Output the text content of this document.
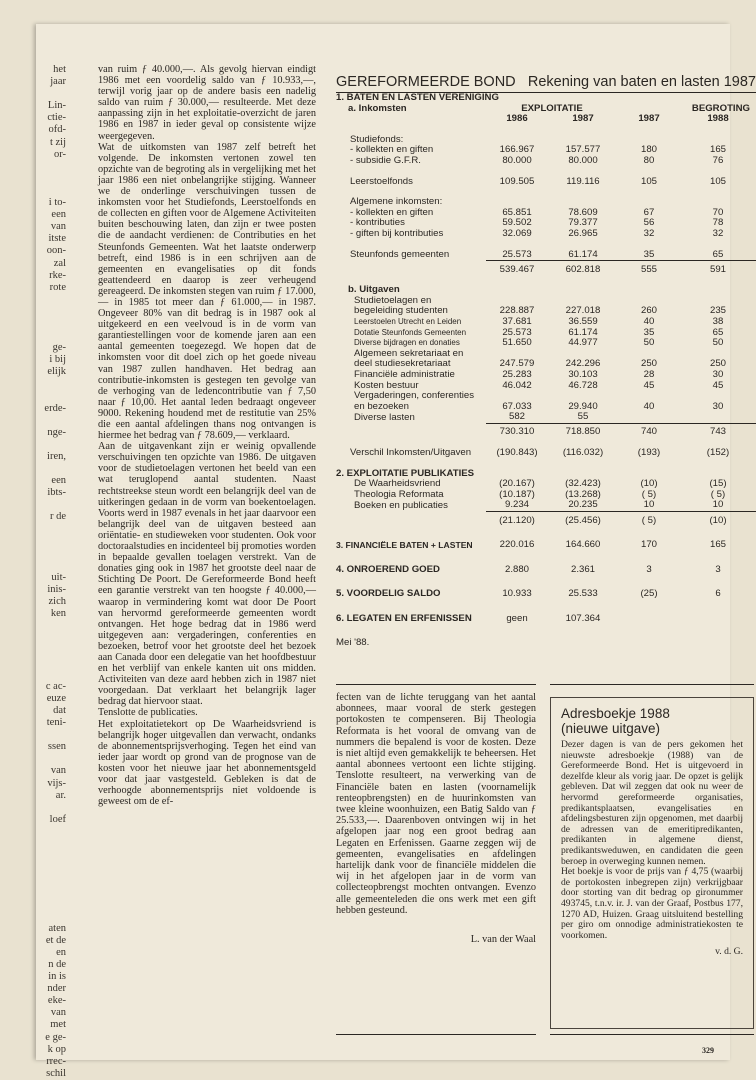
het
jaar
Lin-
ctie-
ofd-
t zij
or-
i to-
een
van
itste
oon-
zal
rke-
rote
ge-
i bij
elijk
erde-
nge-
iren,
een
ibts-
r de
uit-
inis-
zich
ken
c ac-
euze
dat
teni-
ssen
van
vijs-
ar.
loef
aten
et de
en
n de
in is
nder
eke-
van
met
e ge-
k op
rrec-
schil

van ruim ƒ 40.000,—. Als gevolg hiervan eindigt 1986 met een voordelig saldo van ƒ 10.933,—, terwijl vorig jaar op de andere basis een nadelig saldo van ruim ƒ 30.000,— resulteerde. Met deze aanpassing zijn in het exploitatie-overzicht de jaren 1986 en 1987 in ieder geval op consistente wijze weergegeven.

Wat de uitkomsten van 1987 zelf betreft het volgende. De inkomsten vertonen zowel ten opzichte van de begroting als in vergelijking met het jaar 1986 een niet onbelangrijke stijging. Wanneer we de onderlinge verschuivingen tussen de inkomsten voor het Studiefonds, Leerstoelfonds en de collecten en giften voor de Algemene Activiteiten buiten beschouwing laten, dan zijn er twee posten die de aandacht verdienen: de Contributies en het Steunfonds Gemeenten. Wat het laatste onderwerp betreft, eind 1986 is in een schrijven aan de gemeenten en evangelisaties op dit fonds geattendeerd en daarop is zeer verheugend gereageerd. De inkomsten stegen van ruim ƒ 17.000,— in 1985 tot meer dan ƒ 61.000,— in 1987. Ongeveer 80% van dit bedrag is in 1987 ook al uitgekeerd en een veelvoud is in de vorm van garantiestellingen voor de komende jaren aan een aantal gemeenten toegezegd. We hopen dat de inkomsten voor dit doel zich op het goede niveau van 1987 zullen handhaven. Het bedrag aan contributie-inkomsten is gestegen ten gevolge van de verhoging van de ledencontributie van ƒ 7,50 naar ƒ 10,00. Het aantal leden bedraagt ongeveer 9000. Rekening houdend met de restitutie van 25% die een aantal afdelingen thans nog ontvangen is hiermee het bedrag van ƒ 78.609,— verklaard.

Aan de uitgavenkant zijn er weinig opvallende verschuivingen ten opzichte van 1986. De uitgaven voor de studietoelagen vertonen het beeld van een wat teruglopend aantal studenten. Naast rechtstreekse steun wordt een belangrijk deel van de uitkeringen gedaan in de vorm van boekentoelagen. Voorts werd in 1987 evenals in het jaar daarvoor een belangrijk deel van de uitgaven besteed aan oriëntatie- en studieweken voor studenten. Ook voor doctoraalstudies en incidenteel bij promoties worden in bepaalde gevallen toelagen verstrekt. Van de donaties ging ook in 1987 het grootste deel naar de Stichting De Poort. De Gereformeerde Bond heeft een garantie verstrekt van ten hoogste ƒ 40.000,— waarop in vermindering komt wat door De Poort van hervormd gereformeerde gemeenten wordt ontvangen. Het hoge bedrag dat in 1986 werd uitgegeven aan: vergaderingen, conferenties en bezoeken, betrof voor het grootste deel het bezoek aan Canada door een delegatie van het hoofdbestuur en het verblijf van enkele kanten uit ons midden. Activiteiten van deze aard hebben zich in 1987 niet voorgedaan. Dat verklaart het belangrijk lager bedrag dat hiervoor staat.

Tenslotte de publicaties.

Het exploitatietekort op De Waarheidsvriend is belangrijk hoger uitgevallen dan verwacht, ondanks de abonnementsprijsverhoging. Tegen het eind van ieder jaar wordt op grond van de prognose van de kosten voor het nieuwe jaar het abonnementsgeld voor dat jaar vastgesteld. Gebleken is dat de verhoogde abonnementsprijs niet voldoende is geweest om de ef-

GEREFORMEERDE BOND Rekening van baten en lasten 1987
1. BATEN EN LASTEN VERENIGING				
a. Inkomsten	EXPLOITATIE		BEGROTING	
	1986	1987	1987	1988

Studiefonds:				
- kollekten en giften	166.967	157.577	180	165
- subsidie G.F.R.	80.000	80.000	80	76

Leerstoelfonds	109.505	119.116	105	105

Algemene inkomsten:				
- kollekten en giften	65.851	78.609	67	70
- kontributies	59.502	79.377	56	78
- giften bij kontributies	32.069	26.965	32	32

Steunfonds gemeenten	25.573	61.174	35	65

	539.467	602.818	555	591

b. Uitgaven				
Studietoelagen en				
begeleiding studenten	228.887	227.018	260	235
Leerstoelen Utrecht en Leiden	37.681	36.559	40	38
Dotatie Steunfonds Gemeenten	25.573	61.174	35	65
Diverse bijdragen en donaties	51.650	44.977	50	50
Algemeen sekretariaat en				
deel studiesekretariaat	247.579	242.296	250	250
Financiële administratie	25.283	30.103	28	30
Kosten bestuur	46.042	46.728	45	45
Vergaderingen, conferenties				
en bezoeken	67.033	29.940	40	30
Diverse lasten	582	55		

	730.310	718.850	740	743

Verschil Inkomsten/Uitgaven	(190.843)	(116.032)	(193)	(152)

2. EXPLOITATIE PUBLIKATIES				
De Waarheidsvriend	(20.167)	(32.423)	(10)	(15)
Theologia Reformata	(10.187)	(13.268)	( 5)	( 5)
Boeken en publicaties	9.234	20.235	10	10

	(21.120)	(25.456)	( 5)	(10)

3. FINANCIËLE BATEN + LASTEN	220.016	164.660	170	165

4. ONROEREND GOED	2.880	2.361	3	3

5. VOORDELIG SALDO	10.933	25.533	(25)	6

6. LEGATEN EN ERFENISSEN	geen	107.364		

Mei '88.				

fecten van de lichte teruggang van het aantal abonnees, maar vooral de sterk gestegen portokosten te compenseren. Bij Theologia Reformata is het vooral de omvang van de nummers die bepalend is voor de kosten. Deze is niet altijd even gemakkelijk te beheersen. Het aantal abonnees vertoont een lichte stijging. Tenslotte resulteert, na verwerking van de Financiële baten en lasten (voornamelijk renteopbrengsten) en de huurinkomsten van twee kleine woonhuizen, een Batig Saldo van ƒ 25.533,—. Daarenboven ontvingen wij in het afgelopen jaar nog een groot bedrag aan Legaten en Erfenissen. Gaarne zeggen wij de gemeenten, evangelisaties en afdelingen hartelijk dank voor de financiële middelen die wij in het afgelopen jaar in de vorm van collecteopbrengst mochten ontvangen. Evenzo alle gemeenteleden die ons werk met een gift hebben gesteund.

L. van der Waal

Adresboekje 1988
(nieuwe uitgave)

Dezer dagen is van de pers gekomen het nieuwste adresboekje (1988) van de Gereformeerde Bond. Het is uitgevoerd in dezelfde kleur als vorig jaar. De opzet is gelijk gebleven. Dat wil zeggen dat ook nu weer de hervormd gereformeerde organisaties, predikantsplaatsen, evangelisaties en afdelingsbesturen zijn opgenomen, met daarbij de adressen van de emeritipredikanten, predikanten in algemene dienst, predikantsweduwen, en candidaten die geen beroep in overweging kunnen nemen.

Het boekje is voor de prijs van ƒ 4,75 (waarbij de portokosten inbegrepen zijn) verkrijgbaar door storting van dit bedrag op gironummer 493745, t.n.v. ir. J. van der Graaf, Postbus 177, 1270 AD, Huizen. Graag uitsluitend bestelling per giro om onnodige administratiekosten te voorkomen.

v. d. G.

329
